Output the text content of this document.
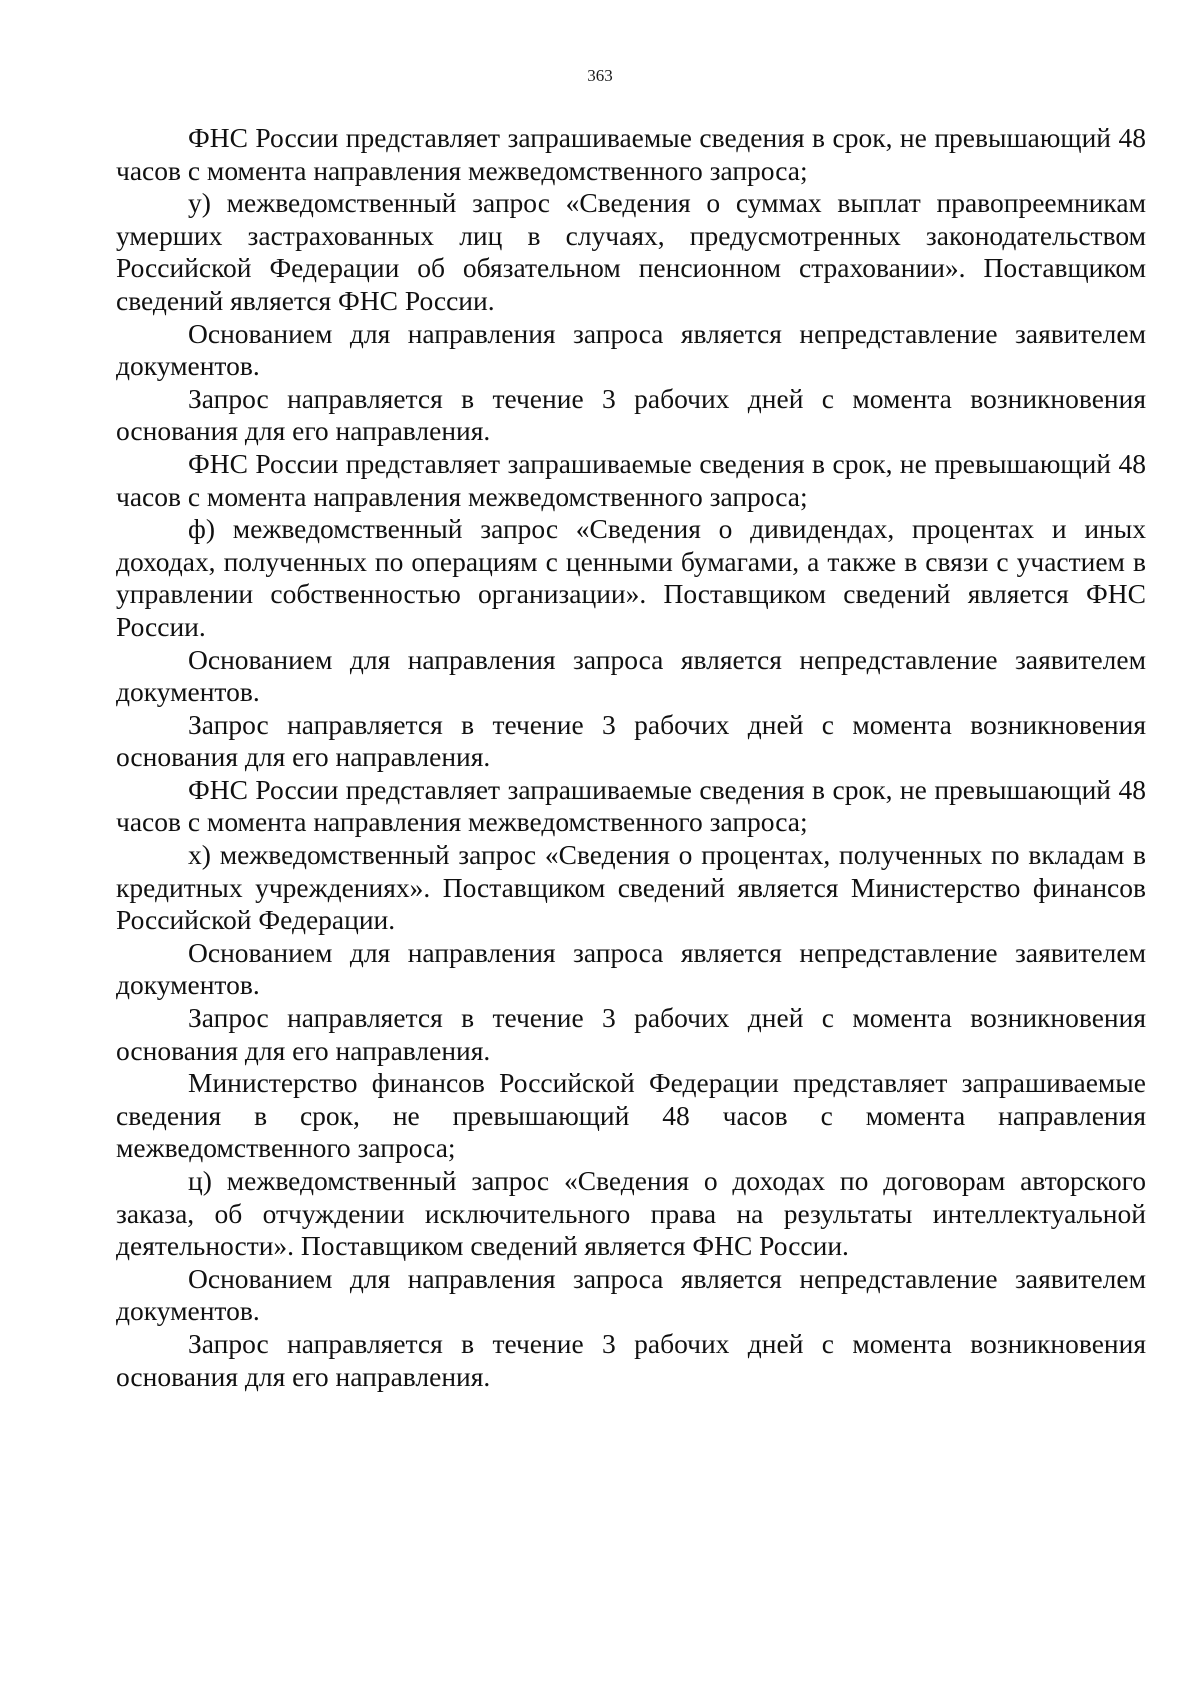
363

ФНС России представляет запрашиваемые сведения в срок, не превышающий 48 часов с момента направления межведомственного запроса;

у) межведомственный запрос «Сведения о суммах выплат правопреемникам умерших застрахованных лиц в случаях, предусмотренных законодательством Российской Федерации об обязательном пенсионном страховании». Поставщиком сведений является ФНС России.

Основанием для направления запроса является непредставление заявителем документов.

Запрос направляется в течение 3 рабочих дней с момента возникновения основания для его направления.

ФНС России представляет запрашиваемые сведения в срок, не превышающий 48 часов с момента направления межведомственного запроса;

ф) межведомственный запрос «Сведения о дивидендах, процентах и иных доходах, полученных по операциям с ценными бумагами, а также в связи с участием в управлении собственностью организации». Поставщиком сведений является ФНС России.

Основанием для направления запроса является непредставление заявителем документов.

Запрос направляется в течение 3 рабочих дней с момента возникновения основания для его направления.

ФНС России представляет запрашиваемые сведения в срок, не превышающий 48 часов с момента направления межведомственного запроса;

х) межведомственный запрос «Сведения о процентах, полученных по вкладам в кредитных учреждениях». Поставщиком сведений является Министерство финансов Российской Федерации.

Основанием для направления запроса является непредставление заявителем документов.

Запрос направляется в течение 3 рабочих дней с момента возникновения основания для его направления.

Министерство финансов Российской Федерации представляет запрашиваемые сведения в срок, не превышающий 48 часов с момента направления межведомственного запроса;

ц) межведомственный запрос «Сведения о доходах по договорам авторского заказа, об отчуждении исключительного права на результаты интеллектуальной деятельности». Поставщиком сведений является ФНС России.

Основанием для направления запроса является непредставление заявителем документов.

Запрос направляется в течение 3 рабочих дней с момента возникновения основания для его направления.
